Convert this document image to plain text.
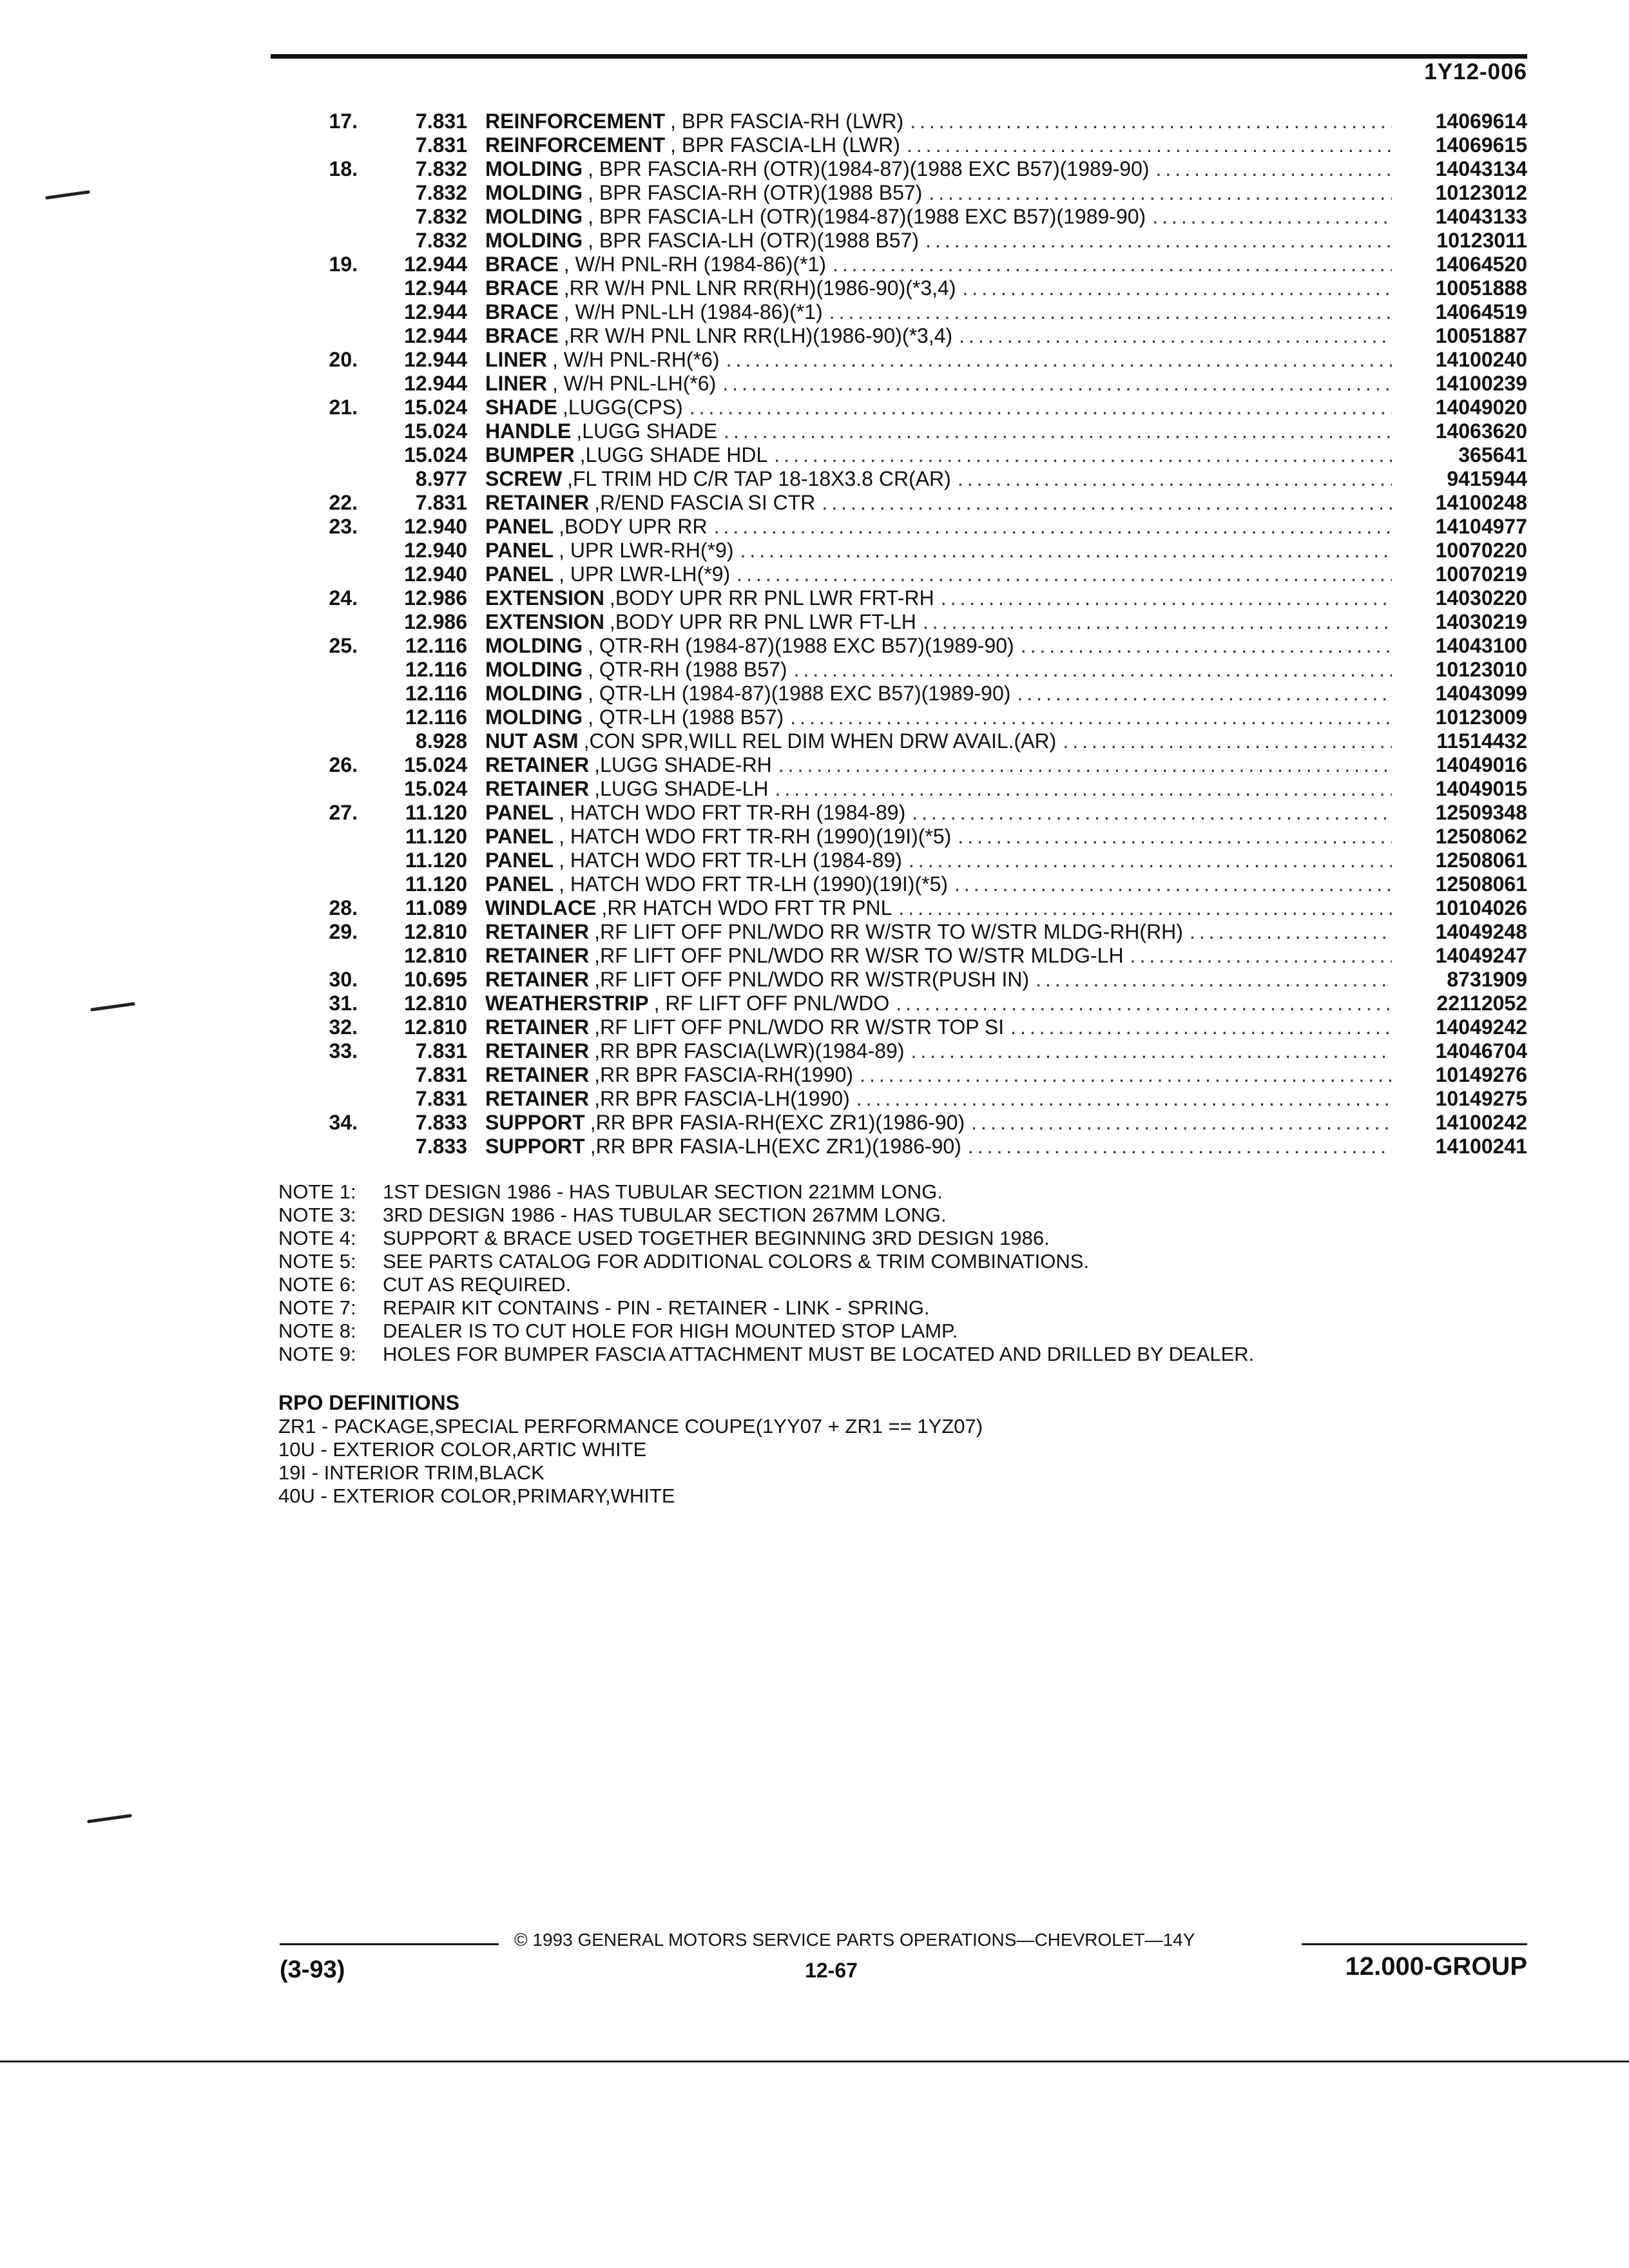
1Y12-006
17.	7.831 REINFORCEMENT , BPR FASCIA-RH (LWR) .....	14069614
7.831 REINFORCEMENT , BPR FASCIA-LH (LWR) .....	14069615
18.	7.832 MOLDING , BPR FASCIA-RH (OTR)(1984-87)(1988 EXC B57)(1989-90) .....	14043134
7.832 MOLDING , BPR FASCIA-RH (OTR)(1988 B57) .....	10123012
7.832 MOLDING , BPR FASCIA-LH (OTR)(1984-87)(1988 EXC B57)(1989-90) .....	14043133
7.832 MOLDING , BPR FASCIA-LH (OTR)(1988 B57) .....	10123011
19.	12.944 BRACE , W/H PNL-RH (1984-86)(*1) .....	14064520
12.944 BRACE ,RR W/H PNL LNR RR(RH)(1986-90)(*3,4) .....	10051888
12.944 BRACE , W/H PNL-LH (1984-86)(*1) .....	14064519
12.944 BRACE ,RR W/H PNL LNR RR(LH)(1986-90)(*3,4) .....	10051887
20.	12.944 LINER , W/H PNL-RH(*6) .....	14100240
12.944 LINER , W/H PNL-LH(*6) .....	14100239
21.	15.024 SHADE ,LUGG(CPS) .....	14049020
15.024 HANDLE ,LUGG SHADE .....	14063620
15.024 BUMPER ,LUGG SHADE HDL .....	365641
8.977 SCREW ,FL TRIM HD C/R TAP 18-18X3.8 CR(AR) .....	9415944
22.	7.831 RETAINER ,R/END FASCIA SI CTR .....	14100248
23.	12.940 PANEL ,BODY UPR RR .....	14104977
12.940 PANEL , UPR LWR-RH(*9) .....	10070220
12.940 PANEL , UPR LWR-LH(*9) .....	10070219
24.	12.986 EXTENSION ,BODY UPR RR PNL LWR FRT-RH .....	14030220
12.986 EXTENSION ,BODY UPR RR PNL LWR FT-LH .....	14030219
25.	12.116 MOLDING , QTR-RH (1984-87)(1988 EXC B57)(1989-90) .....	14043100
12.116 MOLDING , QTR-RH (1988 B57) .....	10123010
12.116 MOLDING , QTR-LH (1984-87)(1988 EXC B57)(1989-90) .....	14043099
12.116 MOLDING , QTR-LH (1988 B57) .....	10123009
8.928 NUT ASM ,CON SPR,WILL REL DIM WHEN DRW AVAIL.(AR) .....	11514432
26.	15.024 RETAINER ,LUGG SHADE-RH .....	14049016
15.024 RETAINER ,LUGG SHADE-LH .....	14049015
27.	11.120 PANEL , HATCH WDO FRT TR-RH (1984-89) .....	12509348
11.120 PANEL , HATCH WDO FRT TR-RH (1990)(19I)(*5) .....	12508062
11.120 PANEL , HATCH WDO FRT TR-LH (1984-89) .....	12508061
11.120 PANEL , HATCH WDO FRT TR-LH (1990)(19I)(*5) .....	12508061
28.	11.089 WINDLACE ,RR HATCH WDO FRT TR PNL .....	10104026
29.	12.810 RETAINER ,RF LIFT OFF PNL/WDO RR W/STR TO W/STR MLDG-RH(RH) .....	14049248
12.810 RETAINER ,RF LIFT OFF PNL/WDO RR W/SR TO W/STR MLDG-LH .....	14049247
30.	10.695 RETAINER ,RF LIFT OFF PNL/WDO RR W/STR(PUSH IN) .....	8731909
31.	12.810 WEATHERSTRIP , RF LIFT OFF PNL/WDO .....	22112052
32.	12.810 RETAINER ,RF LIFT OFF PNL/WDO RR W/STR TOP SI .....	14049242
33.	7.831 RETAINER ,RR BPR FASCIA(LWR)(1984-89) .....	14046704
7.831 RETAINER ,RR BPR FASCIA-RH(1990) .....	10149276
7.831 RETAINER ,RR BPR FASCIA-LH(1990) .....	10149275
34.	7.833 SUPPORT ,RR BPR FASIA-RH(EXC ZR1)(1986-90) .....	14100242
7.833 SUPPORT ,RR BPR FASIA-LH(EXC ZR1)(1986-90) .....	14100241
NOTE 1:	1ST DESIGN 1986 - HAS TUBULAR SECTION 221MM LONG.
NOTE 3:	3RD DESIGN 1986 - HAS TUBULAR SECTION 267MM LONG.
NOTE 4:	SUPPORT & BRACE USED TOGETHER BEGINNING 3RD DESIGN 1986.
NOTE 5:	SEE PARTS CATALOG FOR ADDITIONAL COLORS & TRIM COMBINATIONS.
NOTE 6:	CUT AS REQUIRED.
NOTE 7:	REPAIR KIT CONTAINS - PIN - RETAINER - LINK - SPRING.
NOTE 8:	DEALER IS TO CUT HOLE FOR HIGH MOUNTED STOP LAMP.
NOTE 9:	HOLES FOR BUMPER FASCIA ATTACHMENT MUST BE LOCATED AND DRILLED BY DEALER.
RPO DEFINITIONS
ZR1 - PACKAGE,SPECIAL PERFORMANCE COUPE(1YY07 + ZR1 == 1YZ07)
10U - EXTERIOR COLOR,ARTIC WHITE
19I - INTERIOR TRIM,BLACK
40U - EXTERIOR COLOR,PRIMARY,WHITE
© 1993 GENERAL MOTORS SERVICE PARTS OPERATIONS—CHEVROLET—14Y
(3-93)	12-67	12.000-GROUP
